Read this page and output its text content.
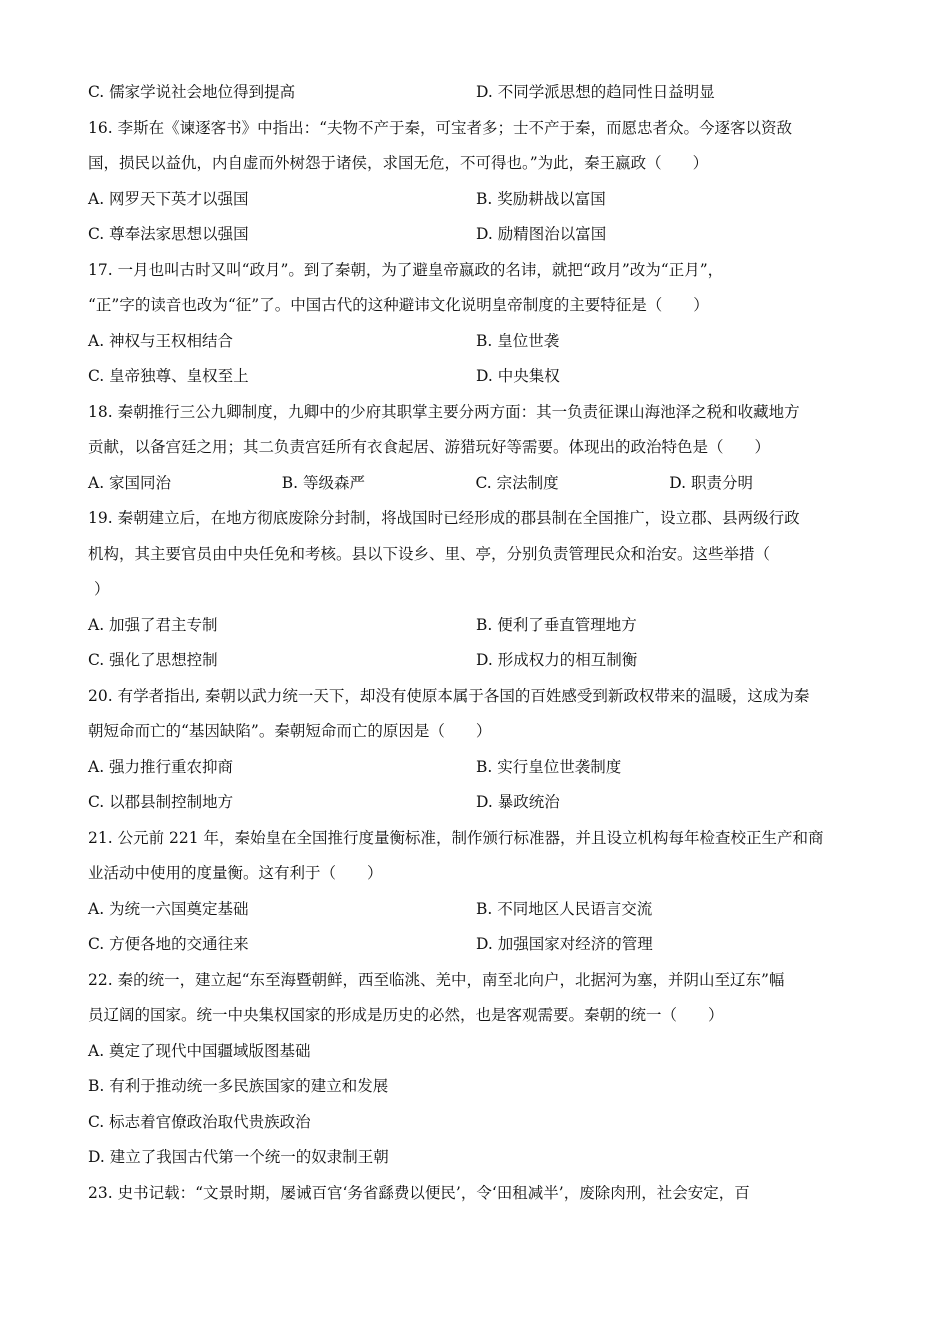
C. 儒家学说社会地位得到提高	D. 不同学派思想的趋同性日益明显
16. 李斯在《谏逐客书》中指出：“夫物不产于秦，可宝者多；士不产于秦，而愿忠者众。今逐客以资敌
国，损民以益仇，内自虚而外树怨于诸侯，求国无危，不可得也。”为此，秦王嬴政（　　）
A. 网罗天下英才以强国	B. 奖励耕战以富国
C. 尊奉法家思想以强国	D. 励精图治以富国
17. 一月也叫古时又叫“政月”。到了秦朝，为了避皇帝嬴政的名讳，就把“政月”改为“正月”，
“正”字的读音也改为“征”了。中国古代的这种避讳文化说明皇帝制度的主要特征是（　　）
A. 神权与王权相结合	B. 皇位世袭
C. 皇帝独尊、皇权至上	D. 中央集权
18. 秦朝推行三公九卿制度，九卿中的少府其职掌主要分两方面：其一负责征课山海池泽之税和收藏地方
贡献，以备宫廷之用；其二负责宫廷所有衣食起居、游猎玩好等需要。体现出的政治特色是（　　）
A. 家国同治	B. 等级森严	C. 宗法制度	D. 职责分明
19. 秦朝建立后，在地方彻底废除分封制，将战国时已经形成的郡县制在全国推广，设立郡、县两级行政
机构，其主要官员由中央任免和考核。县以下设乡、里、亭，分别负责管理民众和治安。这些举措（
）
A. 加强了君主专制	B. 便利了垂直管理地方
C. 强化了思想控制	D. 形成权力的相互制衡
20. 有学者指出, 秦朝以武力统一天下，却没有使原本属于各国的百姓感受到新政权带来的温暖，这成为秦
朝短命而亡的“基因缺陷”。秦朝短命而亡的原因是（　　）
A. 强力推行重农抑商	B. 实行皇位世袭制度
C. 以郡县制控制地方	D. 暴政统治
21. 公元前 221 年，秦始皇在全国推行度量衡标准，制作颁行标准器，并且设立机构每年检查校正生产和商
业活动中使用的度量衡。这有利于（　　）
A. 为统一六国奠定基础	B. 不同地区人民语言交流
C. 方便各地的交通往来	D. 加强国家对经济的管理
22. 秦的统一，建立起“东至海暨朝鲜，西至临洮、羌中，南至北向户，北据河为塞，并阴山至辽东”幅
员辽阔的国家。统一中央集权国家的形成是历史的必然，也是客观需要。秦朝的统一（　　）
A. 奠定了现代中国疆域版图基础
B. 有利于推动统一多民族国家的建立和发展
C. 标志着官僚政治取代贵族政治
D. 建立了我国古代第一个统一的奴隶制王朝
23. 史书记载：“文景时期，屡诫百官‘务省繇费以便民’，令‘田租减半’，废除肉刑，社会安定，百
